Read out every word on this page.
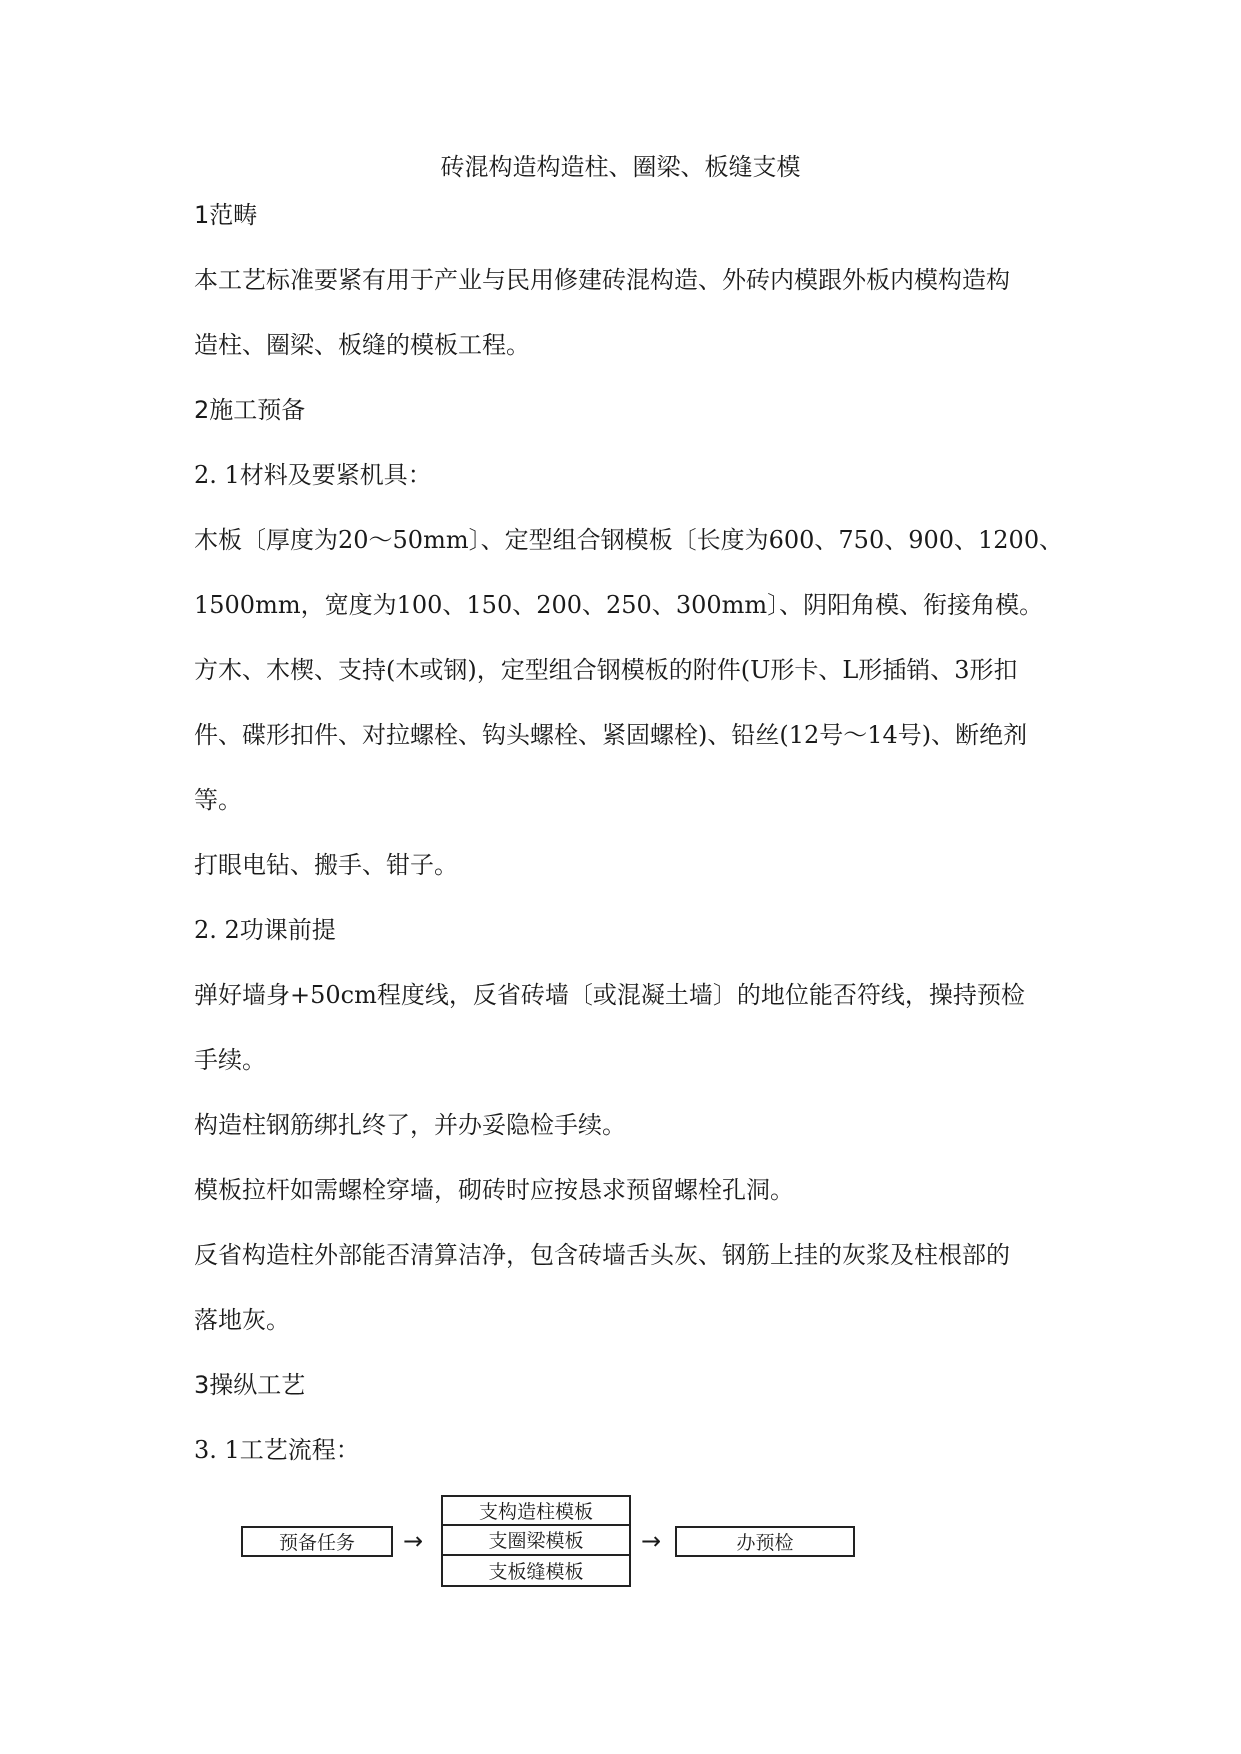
砖混构造构造柱、圈梁、板缝支模
1范畴
本工艺标准要紧有用于产业与民用修建砖混构造、外砖内模跟外板内模构造构
造柱、圈梁、板缝的模板工程。
2施工预备
2. 1材料及要紧机具：
木板〔厚度为20～50mm〕、定型组合钢模板〔长度为600、750、900、1200、
1500mm，宽度为100、150、200、250、300mm〕、阴阳角模、衔接角模。
方木、木楔、支持(木或钢)，定型组合钢模板的附件(U形卡、L形插销、3形扣
件、碟形扣件、对拉螺栓、钩头螺栓、紧固螺栓)、铅丝(12号～14号)、断绝剂
等。
打眼电钻、搬手、钳子。
2. 2功课前提
弹好墙身+50cm程度线，反省砖墙〔或混凝土墙〕的地位能否符线，操持预检
手续。
构造柱钢筋绑扎终了，并办妥隐检手续。
模板拉杆如需螺栓穿墙，砌砖时应按恳求预留螺栓孔洞。
反省构造柱外部能否清算洁净，包含砖墙舌头灰、钢筋上挂的灰浆及柱根部的
落地灰。
3操纵工艺
3. 1工艺流程：
预备任务	→
支构造柱模板
支圈梁模板
支板缝模板
→	办预检
